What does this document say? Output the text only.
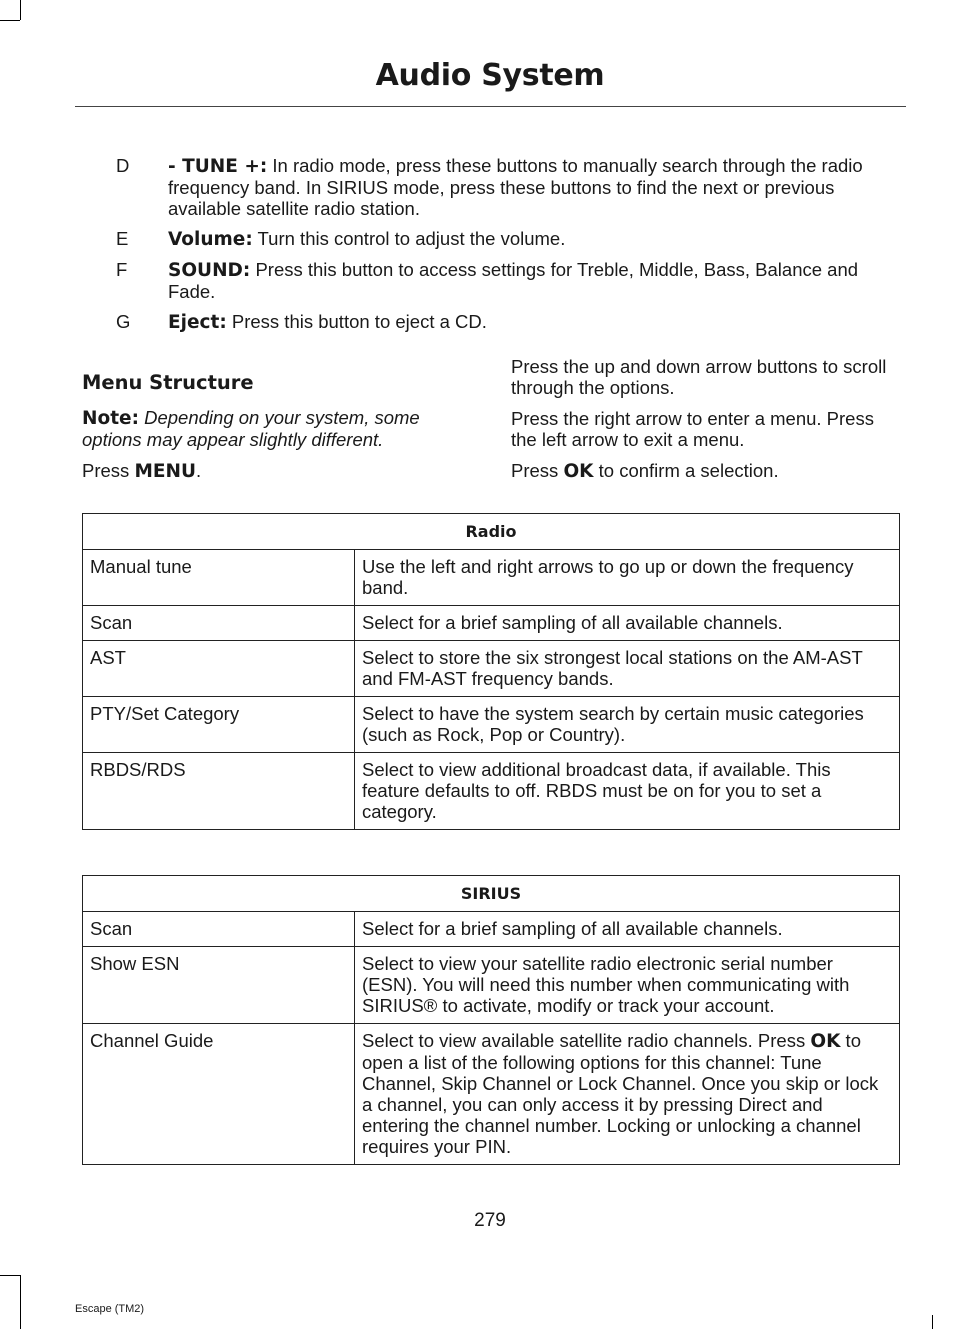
Audio System
D	- TUNE +: In radio mode, press these buttons to manually search through the radio frequency band. In SIRIUS mode, press these buttons to find the next or previous available satellite radio station.
E	Volume: Turn this control to adjust the volume.
F	SOUND: Press this button to access settings for Treble, Middle, Bass, Balance and Fade.
G	Eject: Press this button to eject a CD.
Menu Structure

Note: Depending on your system, some options may appear slightly different.

Press MENU.

Press the up and down arrow buttons to scroll through the options.

Press the right arrow to enter a menu. Press the left arrow to exit a menu.

Press OK to confirm a selection.

Radio	
Manual tune	Use the left and right arrows to go up or down the frequency band.
Scan	Select for a brief sampling of all available channels.
AST	Select to store the six strongest local stations on the AM-AST and FM-AST frequency bands.
PTY/Set Category	Select to have the system search by certain music categories (such as Rock, Pop or Country).
RBDS/RDS	Select to view additional broadcast data, if available. This feature defaults to off. RBDS must be on for you to set a category.
SIRIUS	
Scan	Select for a brief sampling of all available channels.
Show ESN	Select to view your satellite radio electronic serial number (ESN). You will need this number when communicating with SIRIUS® to activate, modify or track your account.
Channel Guide	Select to view available satellite radio channels. Press OK to open a list of the following options for this channel: Tune Channel, Skip Channel or Lock Channel. Once you skip or lock a channel, you can only access it by pressing Direct and entering the channel number. Locking or unlocking a channel requires your PIN.
279
Escape (TM2)
